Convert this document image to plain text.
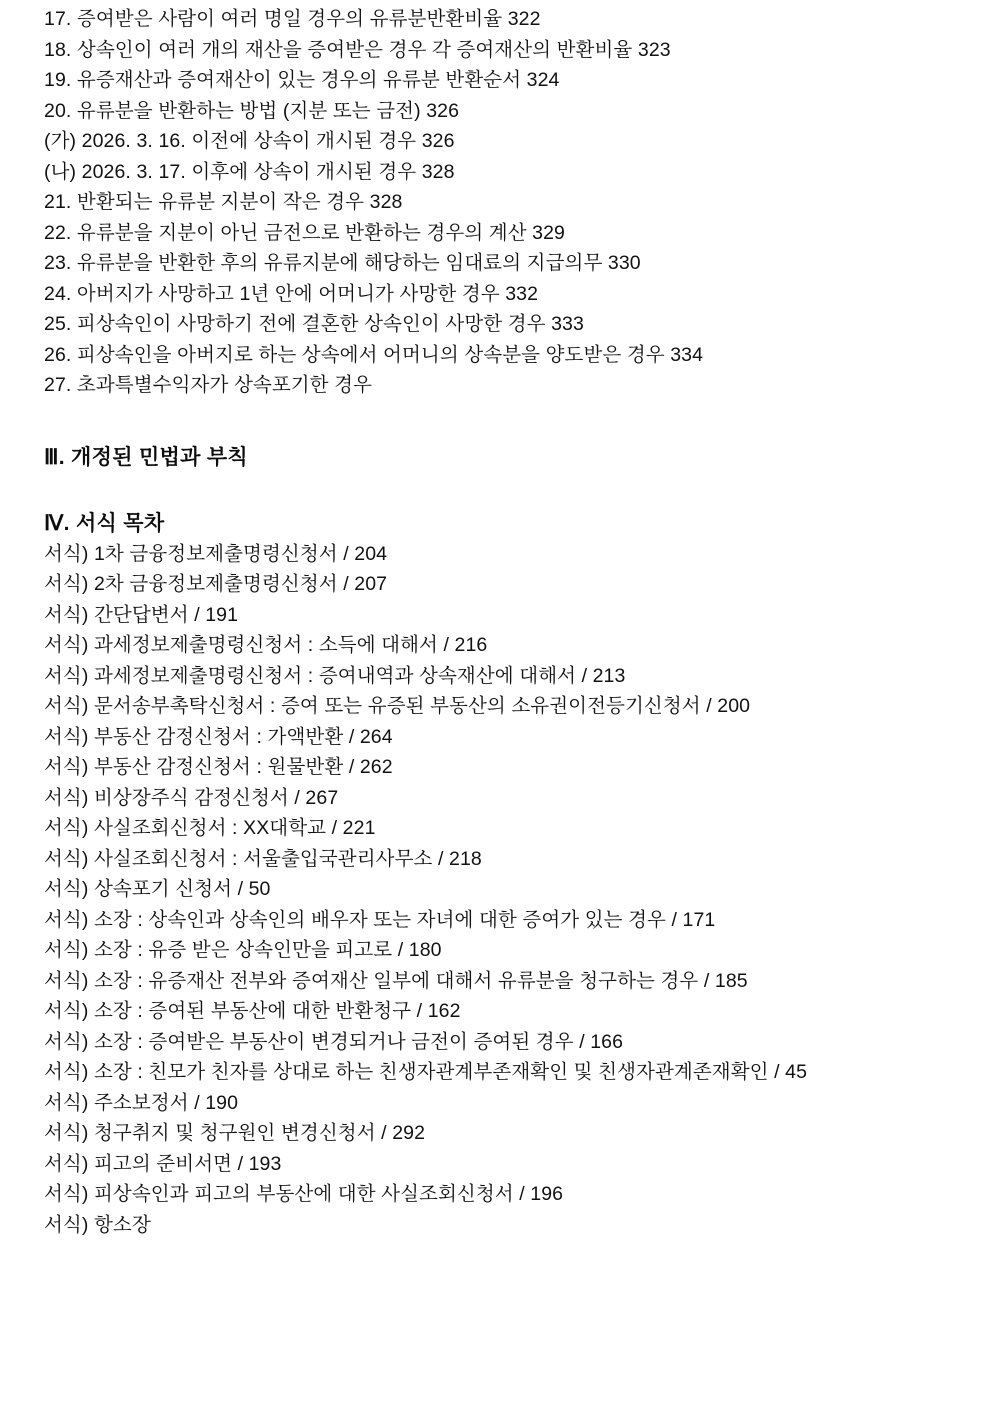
17. 증여받은 사람이 여러 명일 경우의 유류분반환비율 322
18. 상속인이 여러 개의 재산을 증여받은 경우 각 증여재산의 반환비율 323
19. 유증재산과 증여재산이 있는 경우의 유류분 반환순서 324
20. 유류분을 반환하는 방법 (지분 또는 금전) 326
(가) 2026. 3. 16. 이전에 상속이 개시된 경우 326
(나) 2026. 3. 17. 이후에 상속이 개시된 경우 328
21. 반환되는 유류분 지분이 작은 경우 328
22. 유류분을 지분이 아닌 금전으로 반환하는 경우의 계산 329
23. 유류분을 반환한 후의 유류지분에 해당하는 임대료의 지급의무 330
24. 아버지가 사망하고 1년 안에 어머니가 사망한 경우 332
25. 피상속인이 사망하기 전에 결혼한 상속인이 사망한 경우 333
26. 피상속인을 아버지로 하는 상속에서 어머니의 상속분을 양도받은 경우 334
27. 초과특별수익자가 상속포기한 경우
Ⅲ. 개정된 민법과 부칙
Ⅳ. 서식 목차
서식) 1차 금융정보제출명령신청서 / 204
서식) 2차 금융정보제출명령신청서 / 207
서식) 간단답변서 / 191
서식) 과세정보제출명령신청서 : 소득에 대해서 / 216
서식) 과세정보제출명령신청서 : 증여내역과 상속재산에 대해서 / 213
서식) 문서송부촉탁신청서 : 증여 또는 유증된 부동산의 소유권이전등기신청서 / 200
서식) 부동산 감정신청서 : 가액반환 / 264
서식) 부동산 감정신청서 : 원물반환 / 262
서식) 비상장주식 감정신청서 / 267
서식) 사실조회신청서 : XX대학교 / 221
서식) 사실조회신청서 : 서울출입국관리사무소 / 218
서식) 상속포기 신청서 / 50
서식) 소장 : 상속인과 상속인의 배우자 또는 자녀에 대한 증여가 있는 경우 / 171
서식) 소장 : 유증 받은 상속인만을 피고로 / 180
서식) 소장 : 유증재산 전부와 증여재산 일부에 대해서 유류분을 청구하는 경우 / 185
서식) 소장 : 증여된 부동산에 대한 반환청구 / 162
서식) 소장 : 증여받은 부동산이 변경되거나 금전이 증여된 경우 / 166
서식) 소장 : 친모가 친자를 상대로 하는 친생자관계부존재확인 및 친생자관계존재확인 / 45
서식) 주소보정서 / 190
서식) 청구취지 및 청구원인 변경신청서 / 292
서식) 피고의 준비서면 / 193
서식) 피상속인과 피고의 부동산에 대한 사실조회신청서 / 196
서식) 항소장
